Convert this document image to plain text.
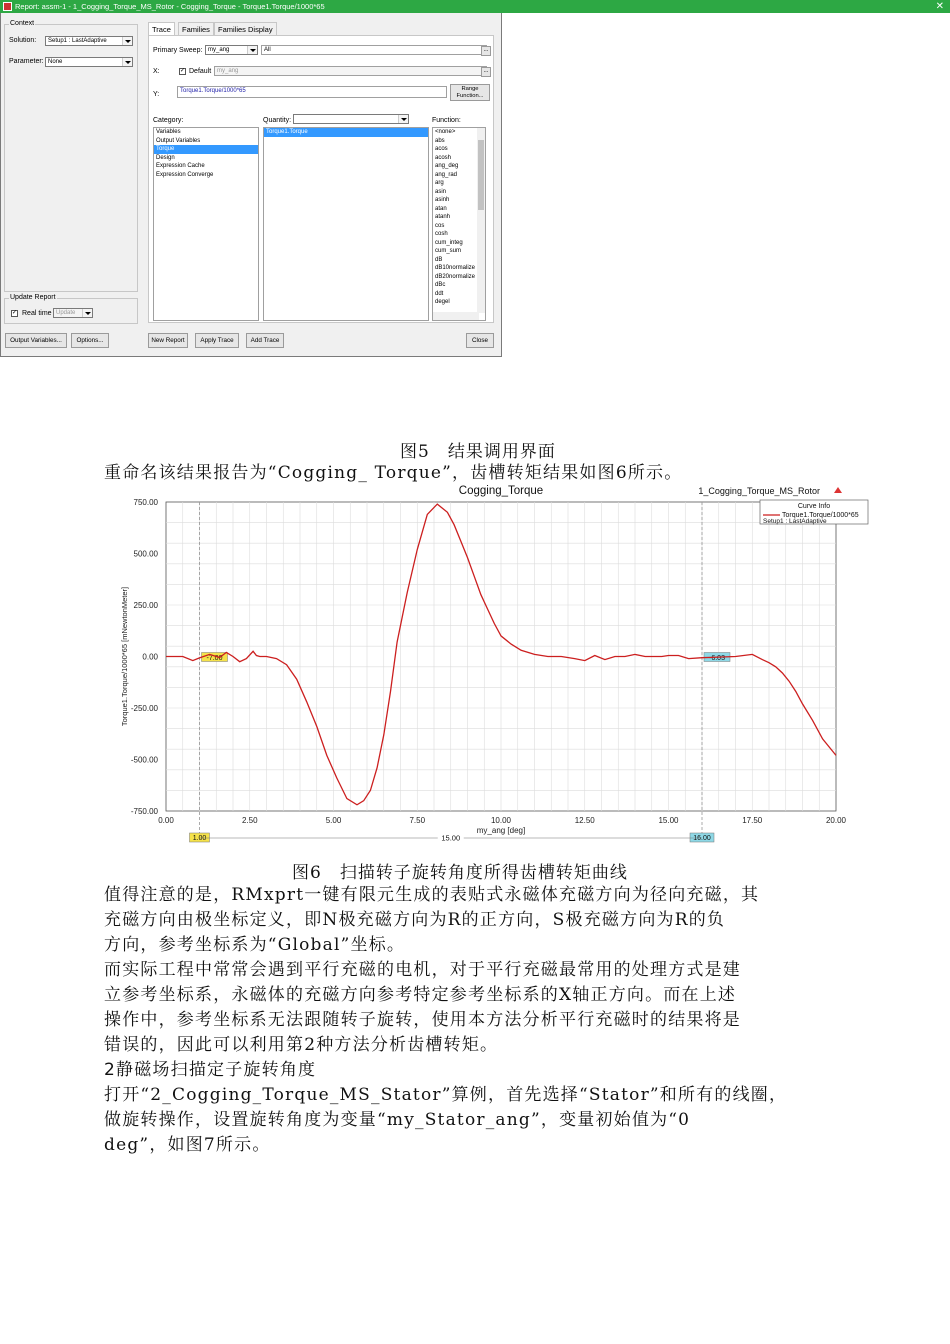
Report: assm-1 - 1_Cogging_Torque_MS_Rotor - Cogging_Torque - Torque1.Torque/1000*65	✕
Context
Solution:	Setup1 : LastAdaptive
Parameter: None
Update Report
✓ Real time Update
Output Variables...	Options...
Trace	Families	Families Display
Primary Sweep: my_ang	All	...
X:	✓ Default my_ang	...
Y:	Torque1.Torque/1000*65	Range
Function...
Category:	Quantity:	Function:
Variables
Output Variables
Torque
Design
Expression Cache
Expression Converge
Torque1.Torque	<none>
abs
acos
acosh
ang_deg
ang_rad
arg
asin
asinh
atan
atanh
cos
cosh
cum_integ
cum_sum
dB
dB10normalize
dB20normalize
dBc
ddt
degel
New Report	Apply Trace	Add Trace	Close
图5　结果调用界面

重命名该结果报告为“Cogging_ Torque”，齿槽转矩结果如图6所示。

0.00	2.50	5.00	7.50	10.00	12.50	15.00	17.50	20.00
750.00
500.00
250.00
0.00
-250.00
-500.00
-750.00
Cogging_Torque	1_Cogging_Torque_MS_Rotor
my_ang [deg]
Torque1.Torque/1000*65 [mNewtonMeter]	-7.00
1.00
-6.03
16.00
15.00
Curve Info
Torque1.Torque/1000*65
Setup1 : LastAdaptive
图6　扫描转子旋转角度所得齿槽转矩曲线

值得注意的是，RMxprt一键有限元生成的表贴式永磁体充磁方向为径向充磁，其

充磁方向由极坐标定义，即N极充磁方向为R的正方向，S极充磁方向为R的负

方向，参考坐标系为“Global”坐标。

而实际工程中常常会遇到平行充磁的电机，对于平行充磁最常用的处理方式是建

立参考坐标系，永磁体的充磁方向参考特定参考坐标系的X轴正方向。而在上述

操作中，参考坐标系无法跟随转子旋转，使用本方法分析平行充磁时的结果将是

错误的，因此可以利用第2种方法分析齿槽转矩。

2静磁场扫描定子旋转角度

打开“2_Cogging_Torque_MS_Stator”算例，首先选择“Stator”和所有的线圈，

做旋转操作，设置旋转角度为变量“my_Stator_ang”，变量初始值为“0

deg”，如图7所示。
